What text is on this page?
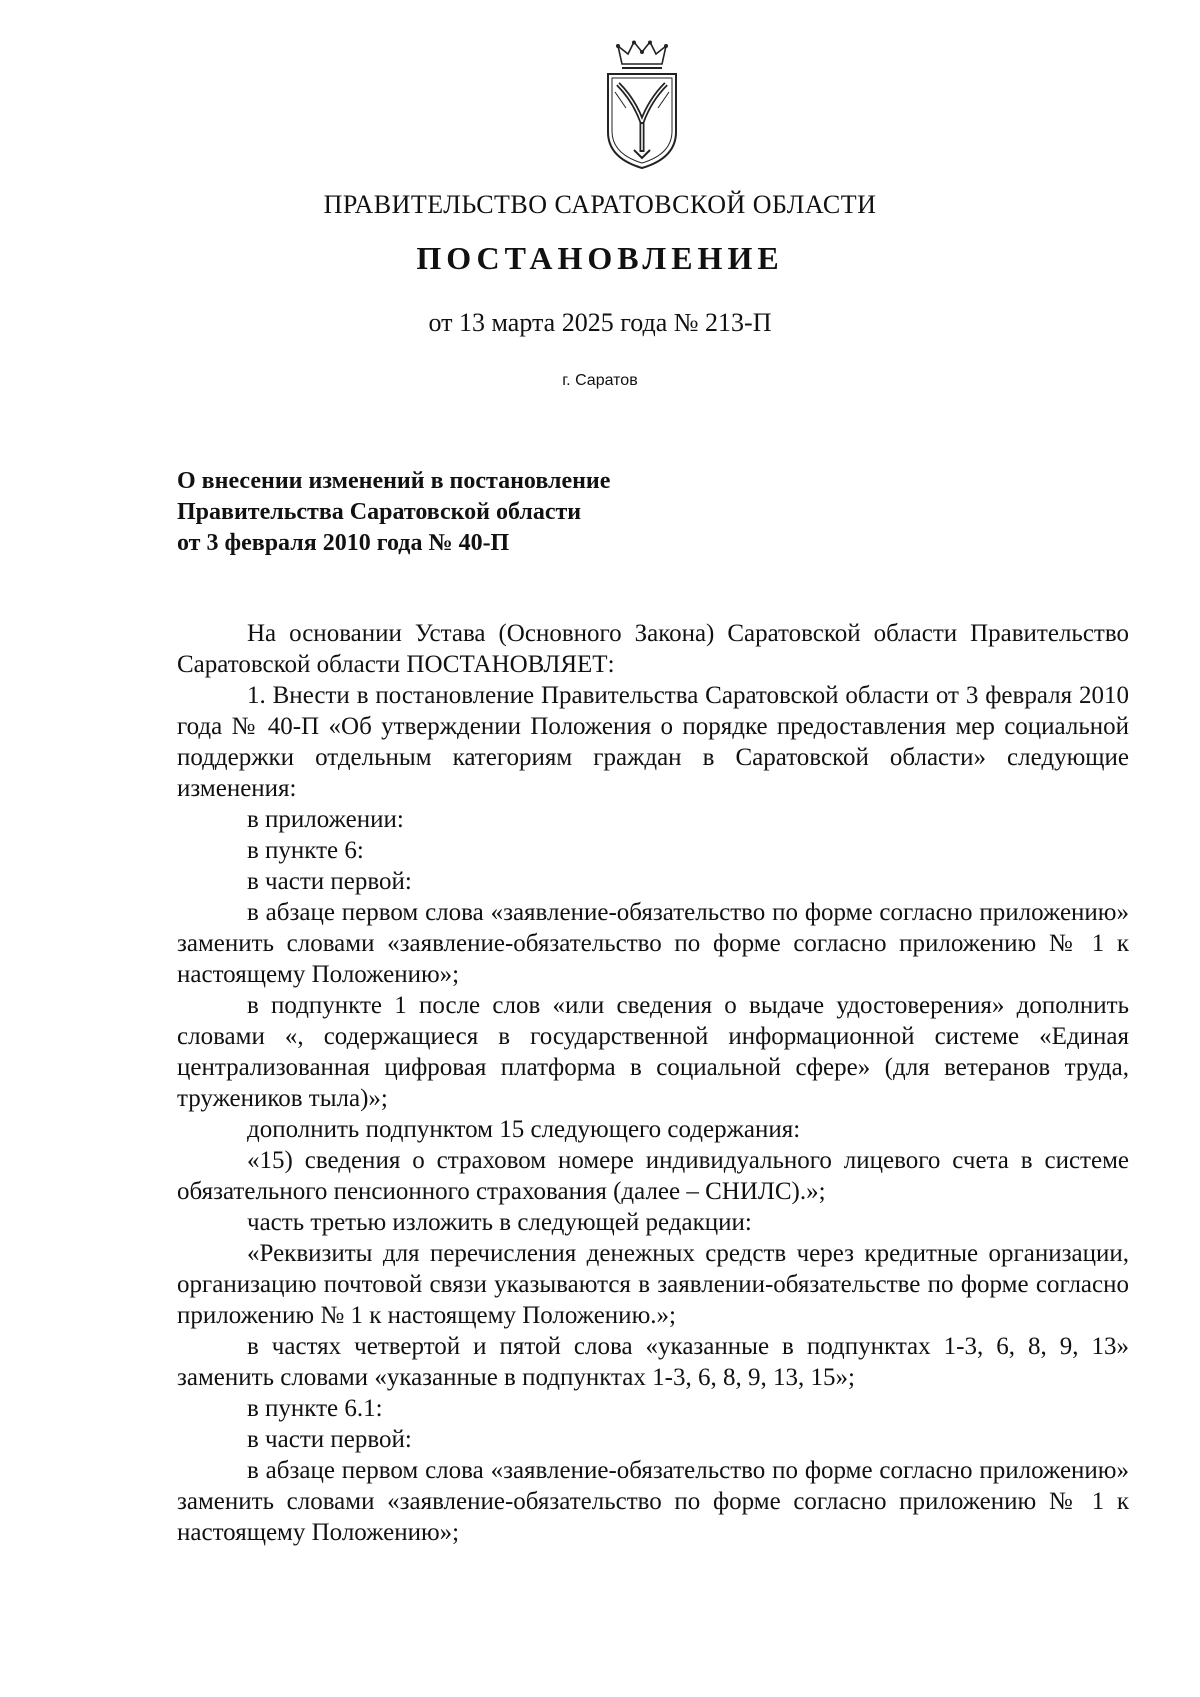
ПРАВИТЕЛЬСТВО САРАТОВСКОЙ ОБЛАСТИ
ПОСТАНОВЛЕНИЕ
от 13 марта 2025 года № 213-П
г. Саратов
О внесении изменений в постановление
Правительства Саратовской области
от 3 февраля 2010 года № 40-П

На основании Устава (Основного Закона) Саратовской области Правительство Саратовской области ПОСТАНОВЛЯЕТ:

1. Внести в постановление Правительства Саратовской области от 3 февраля 2010 года № 40-П «Об утверждении Положения о порядке предоставления мер социальной поддержки отдельным категориям граждан в Саратовской области» следующие изменения:

в приложении:

в пункте 6:

в части первой:

в абзаце первом слова «заявление-обязательство по форме согласно приложению» заменить словами «заявление-обязательство по форме согласно приложению № 1 к настоящему Положению»;

в подпункте 1 после слов «или сведения о выдаче удостоверения» дополнить словами «, содержащиеся в государственной информационной системе «Единая централизованная цифровая платформа в социальной сфере» (для ветеранов труда, тружеников тыла)»;

дополнить подпунктом 15 следующего содержания:

«15) сведения о страховом номере индивидуального лицевого счета в системе обязательного пенсионного страхования (далее – СНИЛС).»;

часть третью изложить в следующей редакции:

«Реквизиты для перечисления денежных средств через кредитные организации, организацию почтовой связи указываются в заявлении-обязательстве по форме согласно приложению № 1 к настоящему Положению.»;

в частях четвертой и пятой слова «указанные в подпунктах 1-3, 6, 8, 9, 13» заменить словами «указанные в подпунктах 1-3, 6, 8, 9, 13, 15»;

в пункте 6.1:

в части первой:

в абзаце первом слова «заявление-обязательство по форме согласно приложению» заменить словами «заявление-обязательство по форме согласно приложению № 1 к настоящему Положению»;
